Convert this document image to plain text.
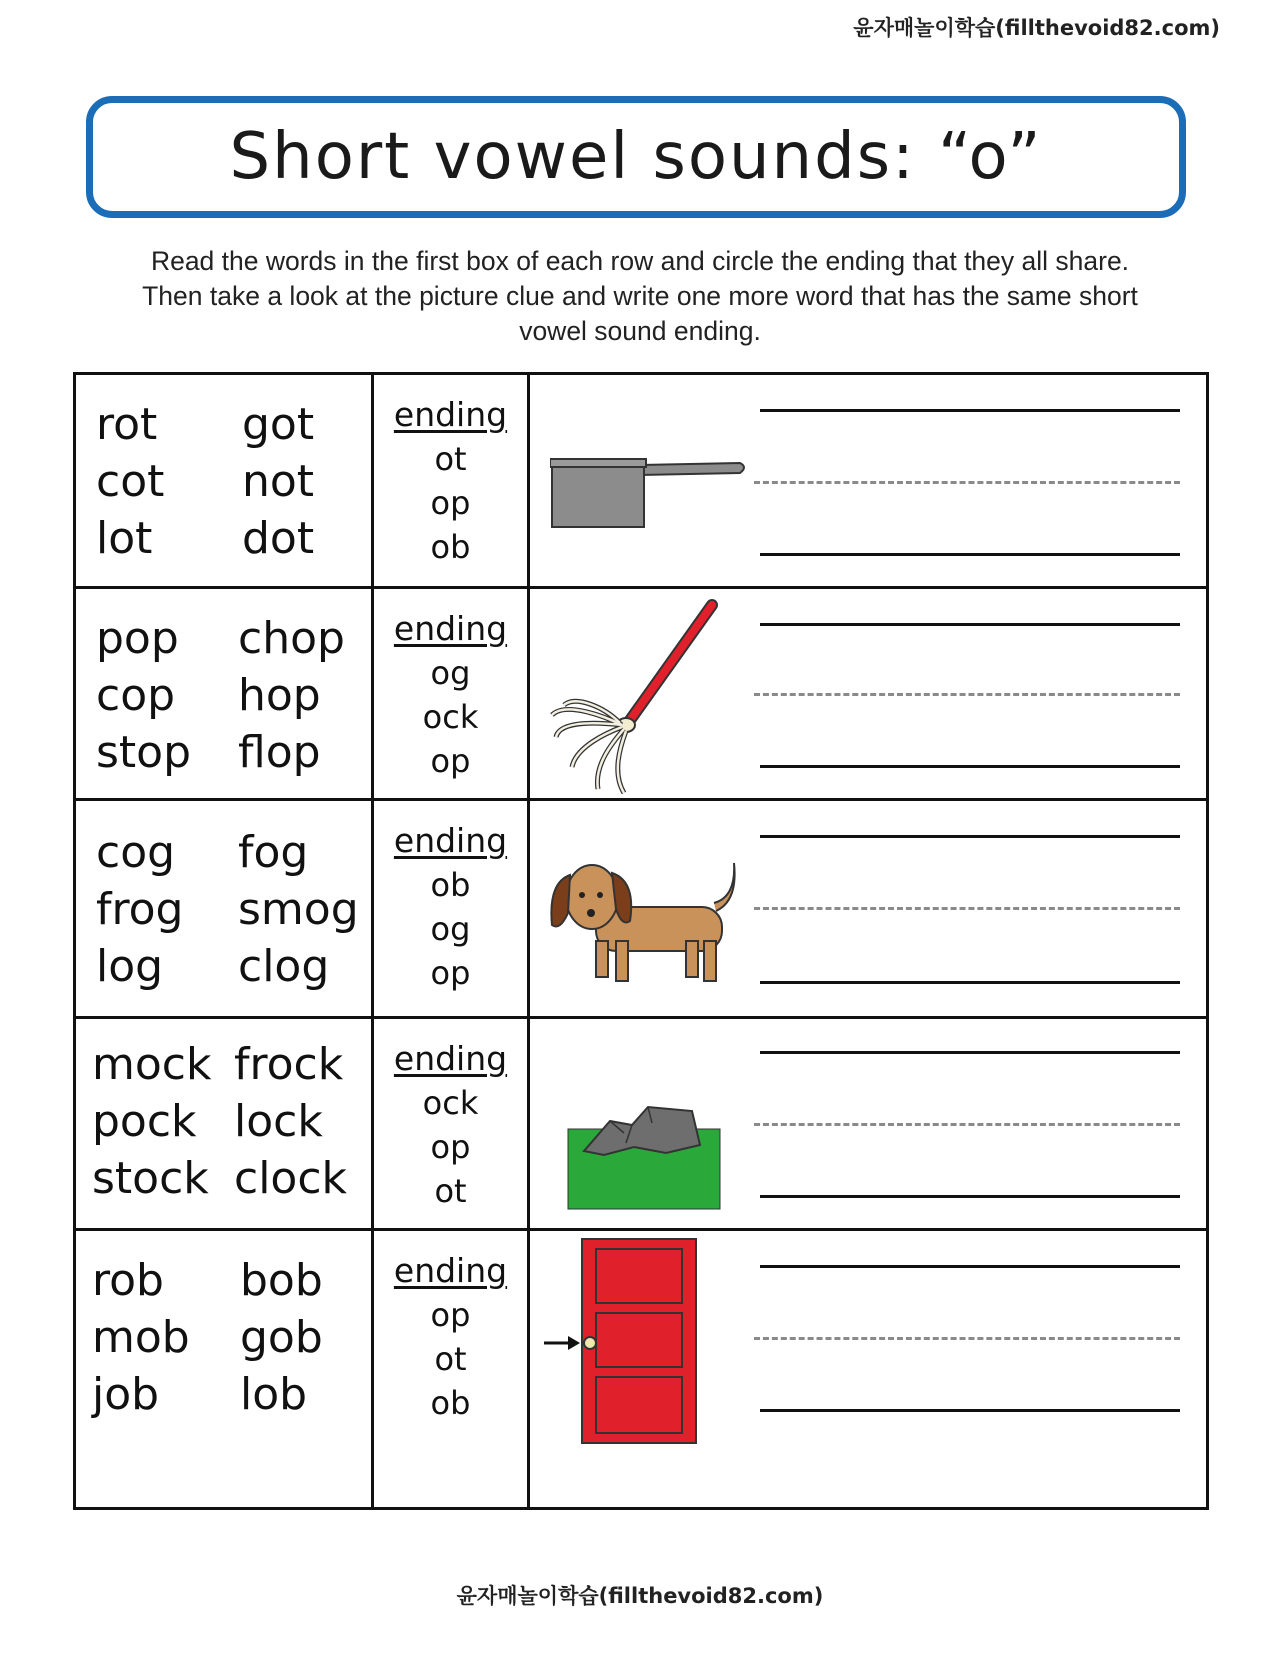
윤자매놀이학습(fillthevoid82.com)
Short vowel sounds: “o”

Read the words in the first box of each row and circle the ending that they all share.

Then take a look at the picture clue and write one more word that has the same short

vowel sound ending.

rot
cot
lot
got
not
dot
ending
ot
op
ob
pop
cop
stop
chop
hop
flop
ending
og
ock
op
cog
frog
log
fog
smog
clog
ending
ob
og
op
mock
pock
stock
frock
lock
clock
ending
ock
op
ot
rob
mob
job
bob
gob
lob
ending
op
ot
ob
윤자매놀이학습(fillthevoid82.com)
